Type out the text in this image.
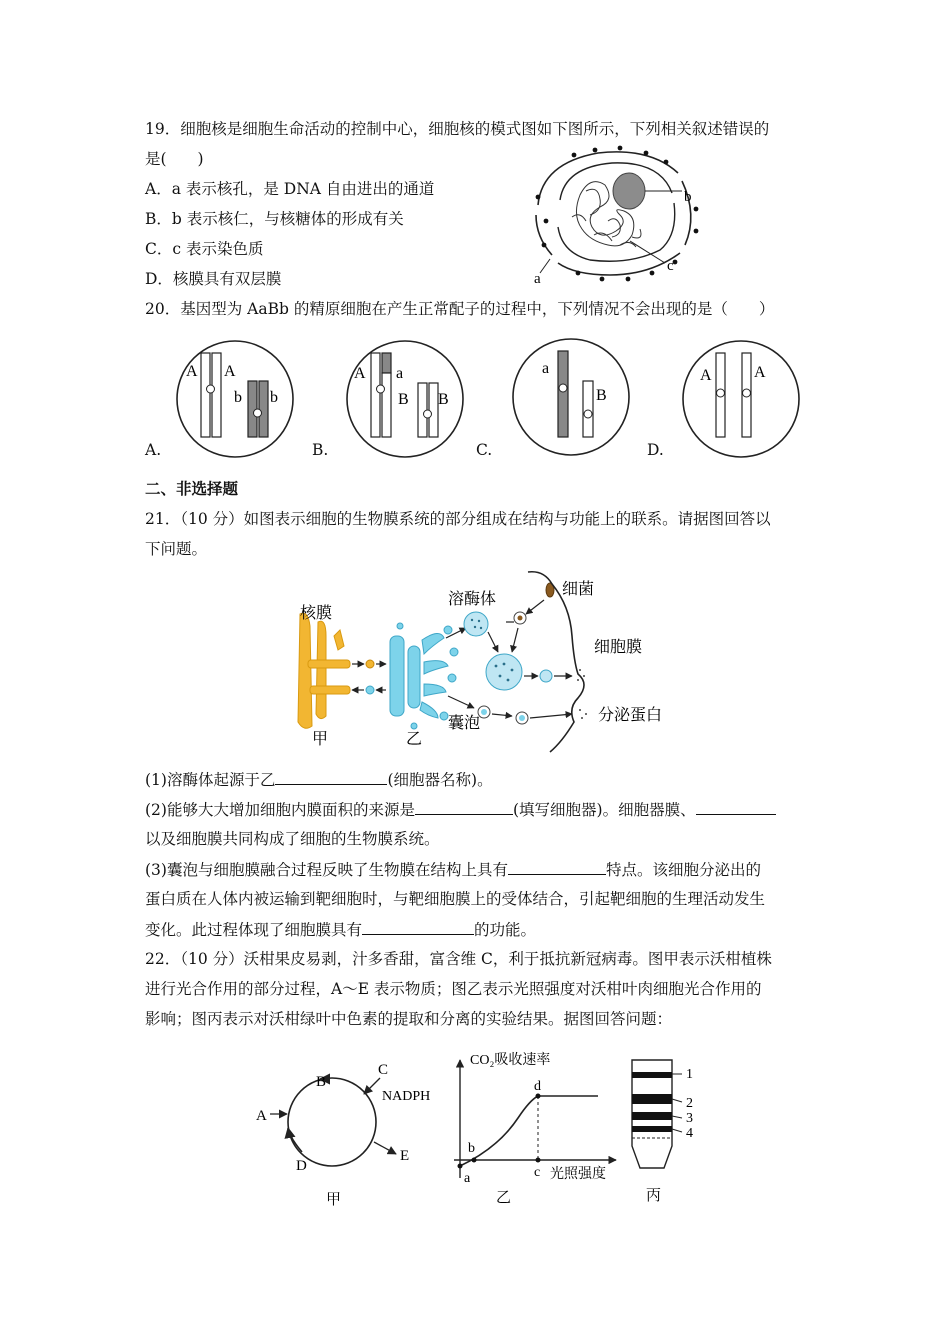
19．细胞核是细胞生命活动的控制中心，细胞核的模式图如下图所示，下列相关叙述错误的
是(　　)
A．a 表示核孔，是 DNA 自由进出的通道
B．b 表示核仁，与核糖体的形成有关
C．c 表示染色质
D．核膜具有双层膜
b
c
a
20．基因型为 AaBb 的精原细胞在产生正常配子的过程中，下列情况不会出现的是（　　）
A A
b b
A.
A a
B B
B.
a
B
C.
A	A
D.
二、非选择题
21．（10 分）如图表示细胞的生物膜系统的部分组成在结构与功能上的联系。请据图回答以
下问题。
核膜
甲	乙
溶酶体
细菌
囊泡	分泌蛋白
细胞膜
(1)溶酶体起源于乙	(细胞器名称)。
(2)能够大大增加细胞内膜面积的来源是	(填写细胞器)。细胞器膜、
以及细胞膜共同构成了细胞的生物膜系统。
(3)囊泡与细胞膜融合过程反映了生物膜在结构上具有	特点。该细胞分泌出的
蛋白质在人体内被运输到靶细胞时，与靶细胞膜上的受体结合，引起靶细胞的生理活动发生
变化。此过程体现了细胞膜具有	的功能。
22．（10 分）沃柑果皮易剥，汁多香甜，富含维 C，利于抵抗新冠病毒。图甲表示沃柑植株
进行光合作用的部分过程，A～E 表示物质；图乙表示光照强度对沃柑叶肉细胞光合作用的
影响；图丙表示对沃柑绿叶中色素的提取和分离的实验结果。据图回答问题：
A
B
C
NADPH
D
E
甲
CO₂吸收速率
光照强度
a
b
c
d
乙
1
2
3
4
丙
